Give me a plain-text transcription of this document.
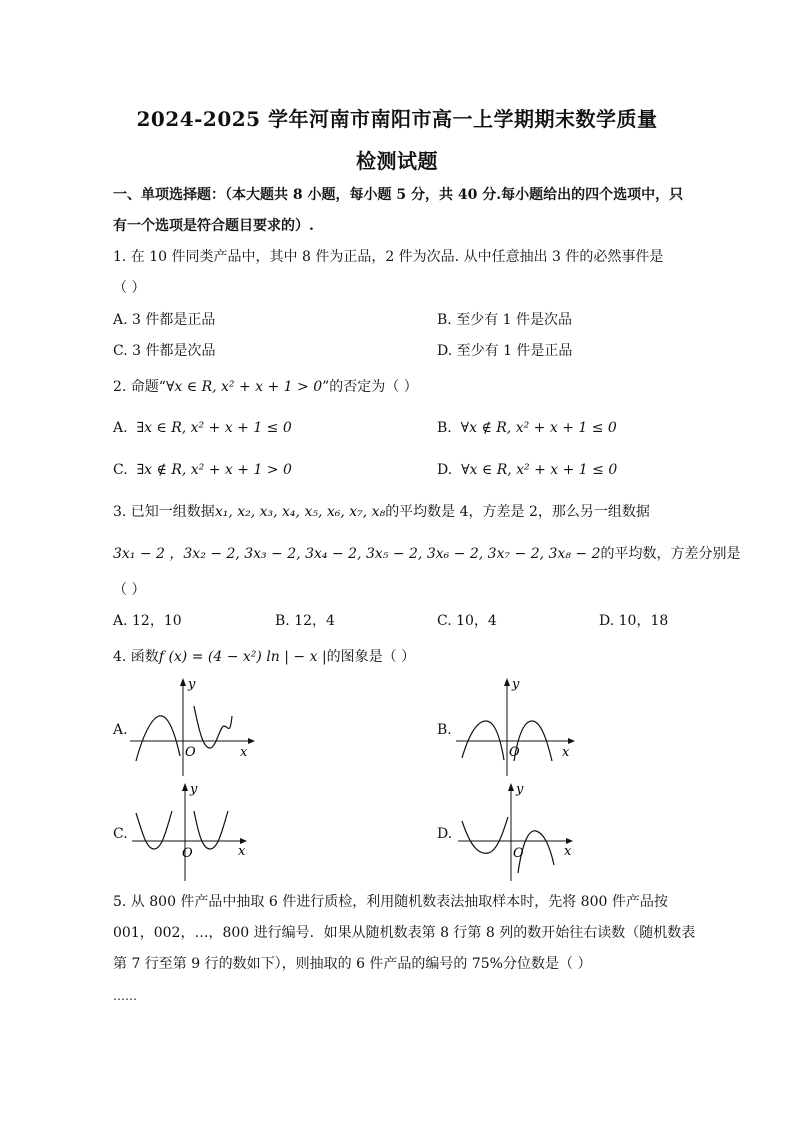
2024-2025 学年河南市南阳市高一上学期期末数学质量
检测试题
一、单项选择题：（本大题共 8 小题，每小题 5 分，共 40 分.每小题给出的四个选项中，只
有一个选项是符合题目要求的）.
1. 在 10 件同类产品中，其中 8 件为正品，2 件为次品. 从中任意抽出 3 件的必然事件是
（ ）
A. 3 件都是正品	B. 至少有 1 件是次品
C. 3 件都是次品	D. 至少有 1 件是正品
2. 命题“∀x ∈ R, x² + x + 1 > 0”的否定为（ ）
A. ∃x ∈ R, x² + x + 1 ≤ 0	B. ∀x ∉ R, x² + x + 1 ≤ 0
C. ∃x ∉ R, x² + x + 1 > 0	D. ∀x ∈ R, x² + x + 1 ≤ 0
3. 已知一组数据x₁, x₂, x₃, x₄, x₅, x₆, x₇, x₈的平均数是 4，方差是 2，那么另一组数据
3x₁ − 2 ，3x₂ − 2, 3x₃ − 2, 3x₄ − 2, 3x₅ − 2, 3x₆ − 2, 3x₇ − 2, 3x₈ − 2的平均数，方差分别是
（ ）
A. 12，10	B. 12，4	C. 10，4	D. 10，18
4. 函数f (x) = (4 − x²) ln | − x |的图象是（ ）
A.
y
x
O
B.
y
x
O
C.
y
x
O
D.
y
x
O
5. 从 800 件产品中抽取 6 件进行质检，利用随机数表法抽取样本时，先将 800 件产品按
001，002，…，800 进行编号．如果从随机数表第 8 行第 8 列的数开始往右读数（随机数表
第 7 行至第 9 行的数如下），则抽取的 6 件产品的编号的 75%分位数是（ ）
……
